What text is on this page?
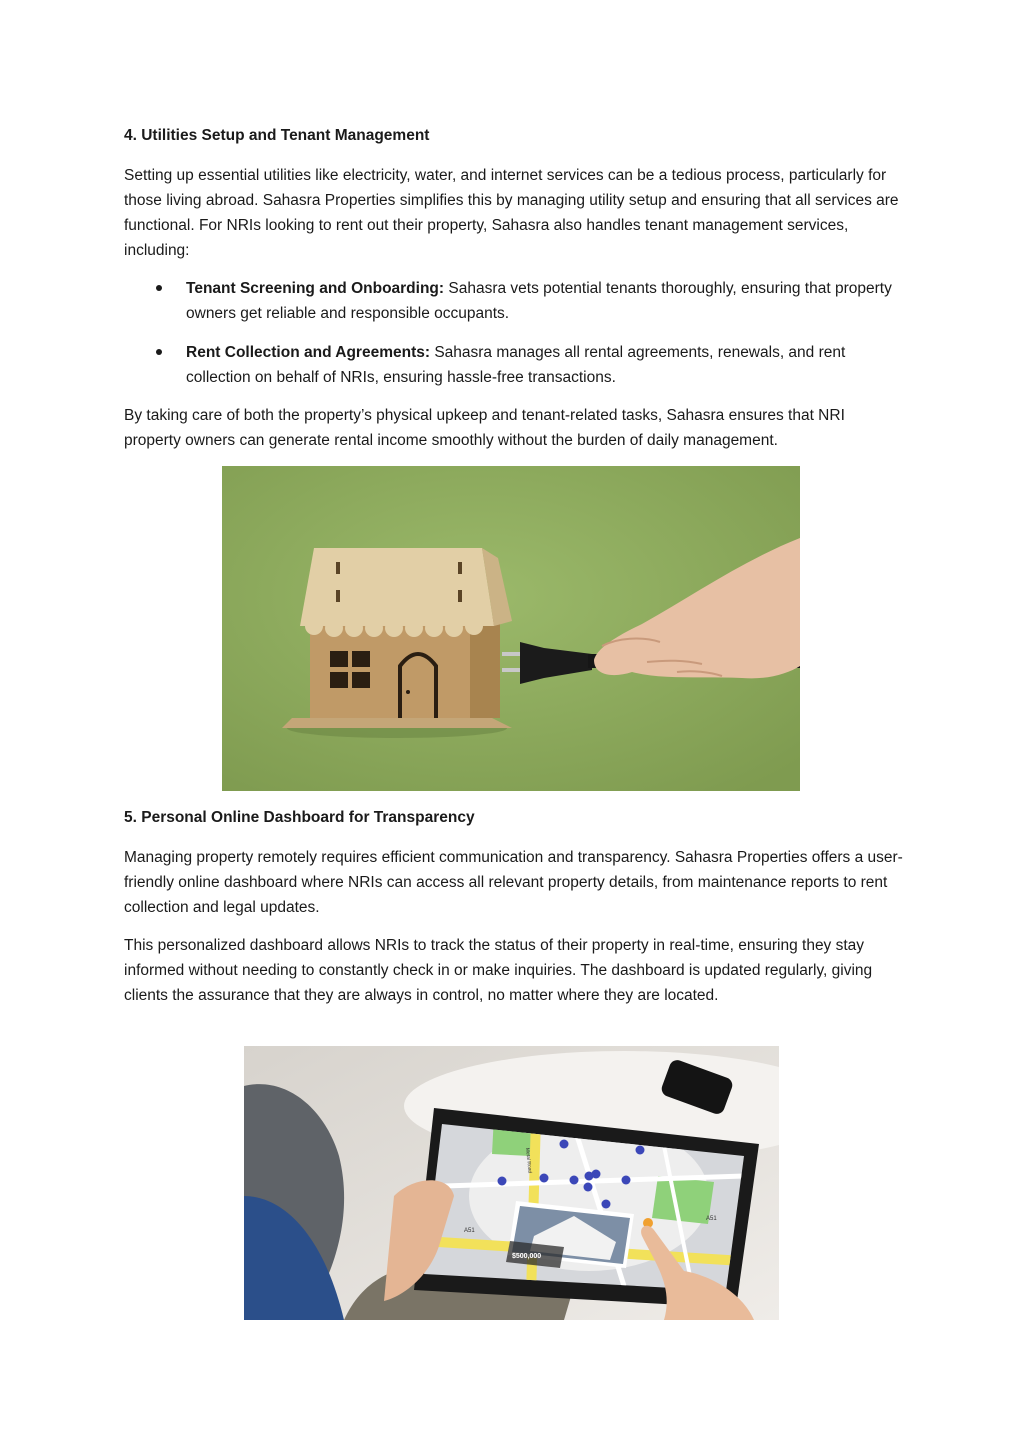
4. Utilities Setup and Tenant Management

Setting up essential utilities like electricity, water, and internet services can be a tedious process, particularly for those living abroad. Sahasra Properties simplifies this by managing utility setup and ensuring that all services are functional. For NRIs looking to rent out their property, Sahasra also handles tenant management services, including:

Tenant Screening and Onboarding: Sahasra vets potential tenants thoroughly, ensuring that property owners get reliable and responsible occupants.
Rent Collection and Agreements: Sahasra manages all rental agreements, renewals, and rent collection on behalf of NRIs, ensuring hassle-free transactions.

By taking care of both the property’s physical upkeep and tenant-related tasks, Sahasra ensures that NRI property owners can generate rental income smoothly without the burden of daily management.

5. Personal Online Dashboard for Transparency

Managing property remotely requires efficient communication and transparency. Sahasra Properties offers a user-friendly online dashboard where NRIs can access all relevant property details, from maintenance reports to rent collection and legal updates.

This personalized dashboard allows NRIs to track the status of their property in real-time, ensuring they stay informed without needing to constantly check in or make inquiries. The dashboard is updated regularly, giving clients the assurance that they are always in control, no matter where they are located.

Metal Road
A51
A51
$500,000
